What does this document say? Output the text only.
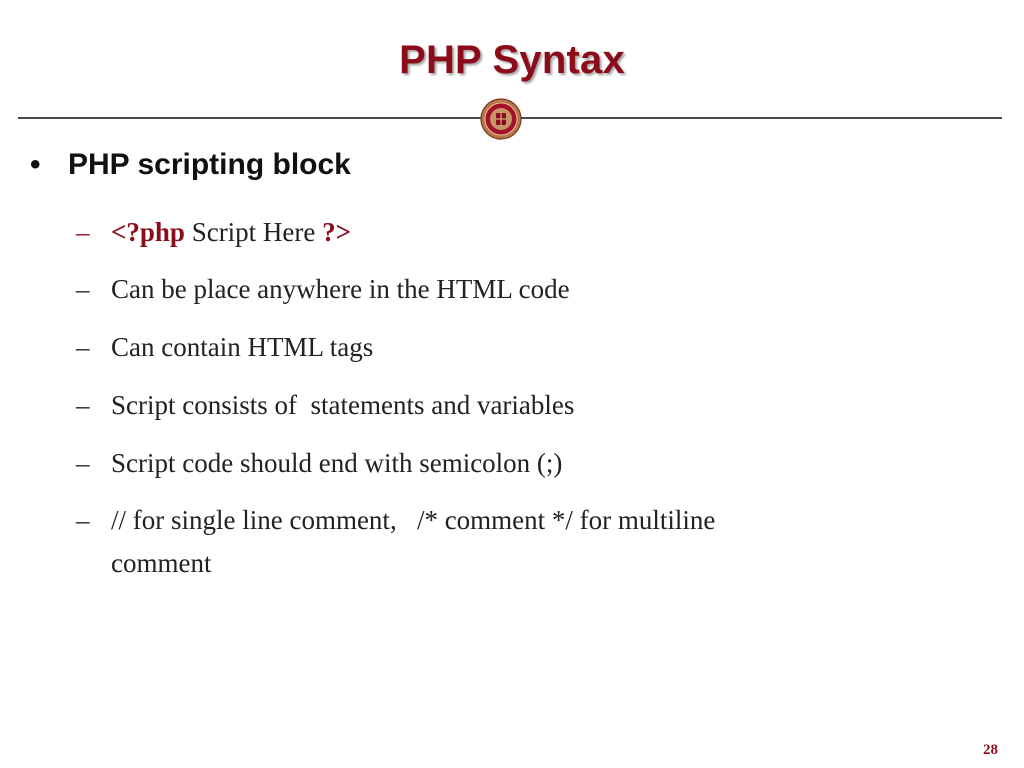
PHP Syntax
• PHP scripting block
– <?php Script Here ?>
– Can be place anywhere in the HTML code
– Can contain HTML tags
– Script consists of  statements and variables
– Script code should end with semicolon (;)
– // for single line comment,   /* comment */ for multiline
comment
28
